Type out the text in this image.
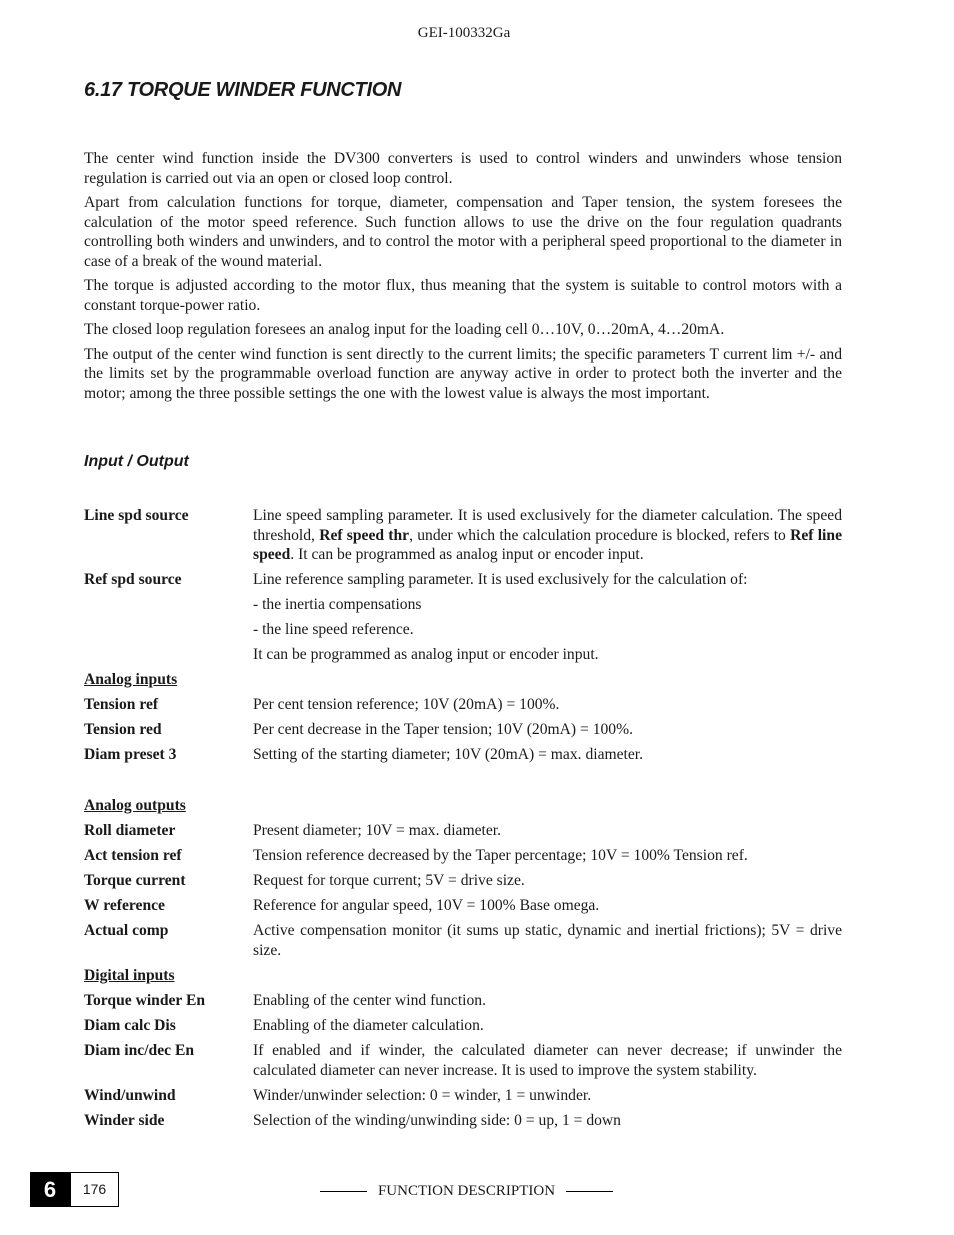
GEI-100332Ga
6.17 TORQUE WINDER FUNCTION

The center wind function inside the DV300 converters is used to control winders and unwinders whose tension regulation is carried out via an open or closed loop control.

Apart from calculation functions for torque, diameter, compensation and Taper tension, the system foresees the calculation of the motor speed reference. Such function allows to use the drive on the four regulation quadrants controlling both winders and unwinders, and to control the motor with a peripheral speed proportional to the diameter in case of a break of the wound material.

The torque is adjusted according to the motor flux, thus meaning that the system is suitable to control motors with a constant torque-power ratio.

The closed loop regulation foresees an analog input for the loading cell 0…10V, 0…20mA, 4…20mA.

The output of the center wind function is sent directly to the current limits; the specific parameters T current lim +/- and the limits set by the programmable overload function are anyway active in order to protect both the inverter and the motor; among the three possible settings the one with the lowest value is always the most important.

Input / Output
Line spd source	Line speed sampling parameter. It is used exclusively for the diameter calculation. The speed threshold, Ref speed thr, under which the calculation procedure is blocked, refers to Ref line speed. It can be programmed as analog input or encoder input.
Ref spd source	Line reference sampling parameter. It is used exclusively for the calculation of:
- the inertia compensations
- the line speed reference.
It can be programmed as analog input or encoder input.
Analog inputs
Tension ref	Per cent tension reference; 10V (20mA) = 100%.
Tension red	Per cent decrease in the Taper tension; 10V (20mA) = 100%.
Diam preset 3	Setting of the starting diameter; 10V (20mA) = max. diameter.
Analog outputs
Roll diameter	Present diameter; 10V = max. diameter.
Act tension ref	Tension reference decreased by the Taper percentage; 10V = 100% Tension ref.
Torque current	Request for torque current; 5V = drive size.
W reference	Reference for angular speed, 10V = 100% Base omega.
Actual comp	Active compensation monitor (it sums up static, dynamic and inertial frictions); 5V = drive size.
Digital inputs
Torque winder En	Enabling of the center wind function.
Diam calc Dis	Enabling of the diameter calculation.
Diam inc/dec En	If enabled and if winder, the calculated diameter can never decrease; if unwinder the calculated diameter can never increase. It is used to improve the system stability.
Wind/unwind	Winder/unwinder selection: 0 = winder, 1 = unwinder.
Winder side	Selection of the winding/unwinding side: 0 = up, 1 = down
6	176	FUNCTION DESCRIPTION
